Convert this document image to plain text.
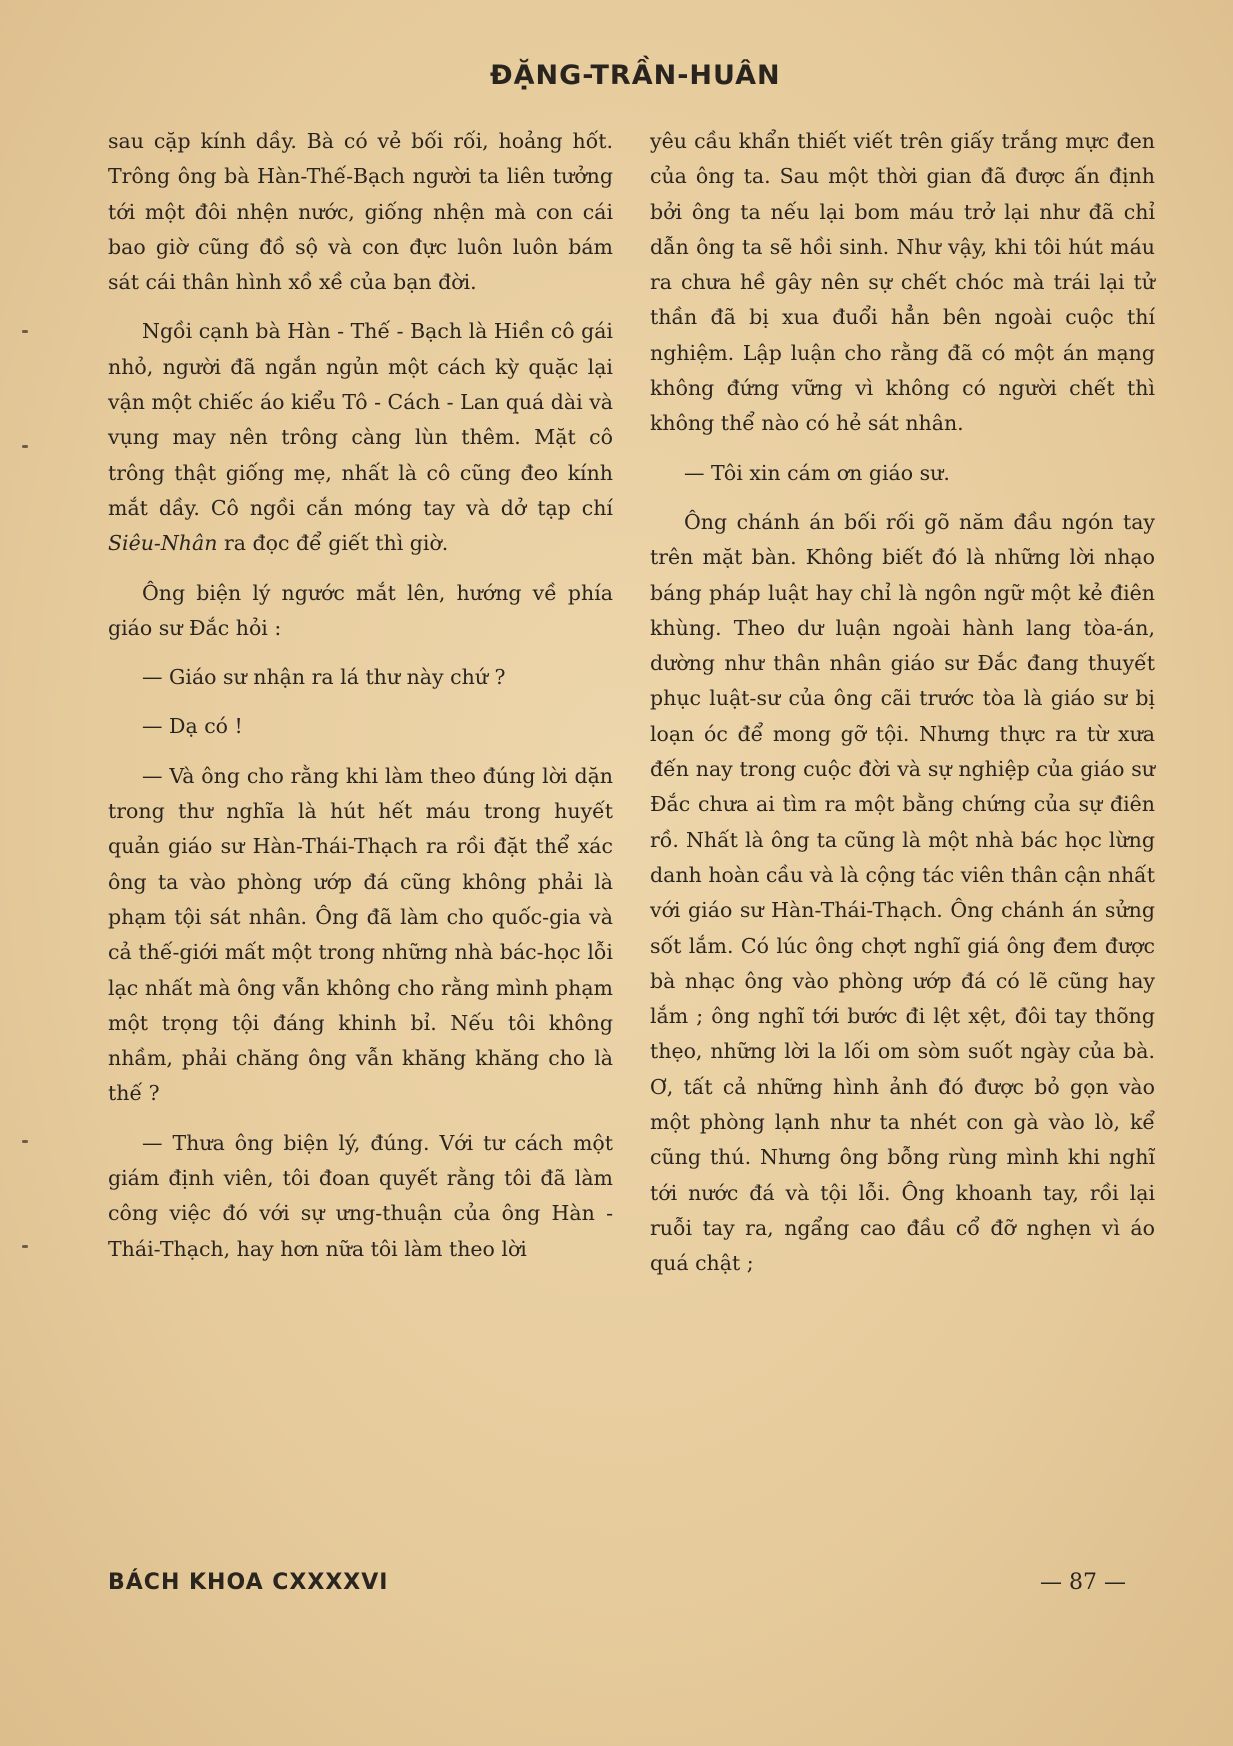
ĐẶNG-TRẦN-HUÂN

sau cặp kính dầy. Bà có vẻ bối rối, hoảng hốt. Trông ông bà Hàn-Thế-Bạch người ta liên tưởng tới một đôi nhện nước, giống nhện mà con cái bao giờ cũng đồ sộ và con đực luôn luôn bám sát cái thân hình xồ xề của bạn đời.

Ngồi cạnh bà Hàn - Thế - Bạch là Hiền cô gái nhỏ, người đã ngắn ngủn một cách kỳ quặc lại vận một chiếc áo kiểu Tô - Cách - Lan quá dài và vụng may nên trông càng lùn thêm. Mặt cô trông thật giống mẹ, nhất là cô cũng đeo kính mắt dầy. Cô ngồi cắn móng tay và dở tạp chí Siêu-Nhân ra đọc để giết thì giờ.

Ông biện lý ngước mắt lên, hướng về phía giáo sư Đắc hỏi :

— Giáo sư nhận ra lá thư này chứ ?

— Dạ có !

— Và ông cho rằng khi làm theo đúng lời dặn trong thư nghĩa là hút hết máu trong huyết quản giáo sư Hàn-Thái-Thạch ra rồi đặt thể xác ông ta vào phòng ướp đá cũng không phải là phạm tội sát nhân. Ông đã làm cho quốc-gia và cả thế-giới mất một trong những nhà bác-học lỗi lạc nhất mà ông vẫn không cho rằng mình phạm một trọng tội đáng khinh bỉ. Nếu tôi không nhầm, phải chăng ông vẫn khăng khăng cho là thế ?

— Thưa ông biện lý, đúng. Với tư cách một giám định viên, tôi đoan quyết rằng tôi đã làm công việc đó với sự ưng-thuận của ông Hàn - Thái-Thạch, hay hơn nữa tôi làm theo lời

yêu cầu khẩn thiết viết trên giấy trắng mực đen của ông ta. Sau một thời gian đã được ấn định bởi ông ta nếu lại bom máu trở lại như đã chỉ dẫn ông ta sẽ hồi sinh. Như vậy, khi tôi hút máu ra chưa hề gây nên sự chết chóc mà trái lại tử thần đã bị xua đuổi hẳn bên ngoài cuộc thí nghiệm. Lập luận cho rằng đã có một án mạng không đứng vững vì không có người chết thì không thể nào có hẻ sát nhân.

— Tôi xin cám ơn giáo sư.

Ông chánh án bối rối gõ năm đầu ngón tay trên mặt bàn. Không biết đó là những lời nhạo báng pháp luật hay chỉ là ngôn ngữ một kẻ điên khùng. Theo dư luận ngoài hành lang tòa-án, dường như thân nhân giáo sư Đắc đang thuyết phục luật-sư của ông cãi trước tòa là giáo sư bị loạn óc để mong gỡ tội. Nhưng thực ra từ xưa đến nay trong cuộc đời và sự nghiệp của giáo sư Đắc chưa ai tìm ra một bằng chứng của sự điên rồ. Nhất là ông ta cũng là một nhà bác học lừng danh hoàn cầu và là cộng tác viên thân cận nhất với giáo sư Hàn-Thái-Thạch. Ông chánh án sửng sốt lắm. Có lúc ông chợt nghĩ giá ông đem được bà nhạc ông vào phòng ướp đá có lẽ cũng hay lắm ; ông nghĩ tới bước đi lệt xệt, đôi tay thõng thẹo, những lời la lối om sòm suốt ngày của bà. Ơ, tất cả những hình ảnh đó được bỏ gọn vào một phòng lạnh như ta nhét con gà vào lò, kể cũng thú. Nhưng ông bỗng rùng mình khi nghĩ tới nước đá và tội lỗi. Ông khoanh tay, rồi lại ruỗi tay ra, ngẩng cao đầu cổ đỡ nghẹn vì áo quá chật ;

BÁCH KHOA CXXXXVI	— 87 —
